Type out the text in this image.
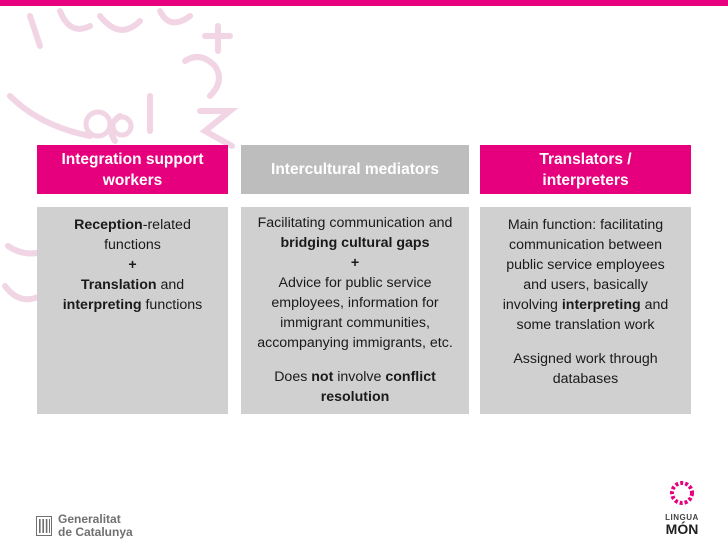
Integration support
workers

Reception-related

functions

+

Translation and

interpreting functions

Intercultural mediators

Facilitating communication and

bridging cultural gaps

+

Advice for public service

employees, information for

immigrant communities,

accompanying immigrants, etc.

Does not involve conflict

resolution

Translators /
interpreters

Main function: facilitating

communication between

public service employees

and users, basically

involving interpreting and

some translation work

Assigned work through

databases

Generalitat
de Catalunya
LINGUA
MÓN
